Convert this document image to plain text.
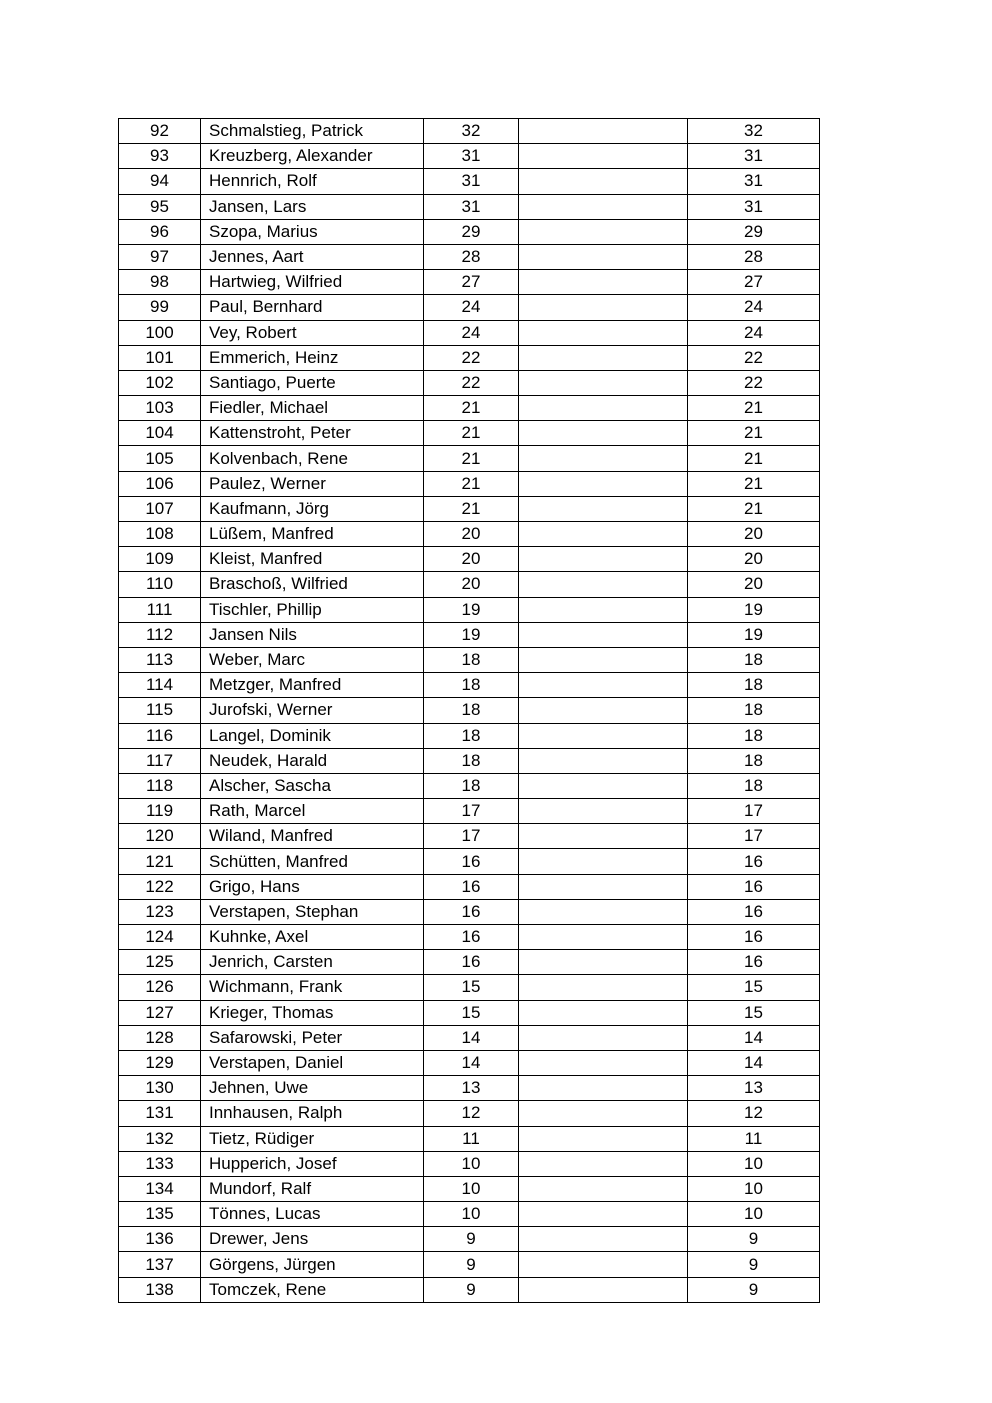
92	Schmalstieg, Patrick	32		32
93	Kreuzberg, Alexander	31		31
94	Hennrich, Rolf	31		31
95	Jansen, Lars	31		31
96	Szopa, Marius	29		29
97	Jennes, Aart	28		28
98	Hartwieg, Wilfried	27		27
99	Paul, Bernhard	24		24
100	Vey, Robert	24		24
101	Emmerich, Heinz	22		22
102	Santiago, Puerte	22		22
103	Fiedler, Michael	21		21
104	Kattenstroht, Peter	21		21
105	Kolvenbach, Rene	21		21
106	Paulez, Werner	21		21
107	Kaufmann, Jörg	21		21
108	Lüßem, Manfred	20		20
109	Kleist, Manfred	20		20
110	Braschoß, Wilfried	20		20
111	Tischler, Phillip	19		19
112	Jansen Nils	19		19
113	Weber, Marc	18		18
114	Metzger, Manfred	18		18
115	Jurofski, Werner	18		18
116	Langel, Dominik	18		18
117	Neudek, Harald	18		18
118	Alscher, Sascha	18		18
119	Rath, Marcel	17		17
120	Wiland, Manfred	17		17
121	Schütten, Manfred	16		16
122	Grigo, Hans	16		16
123	Verstapen, Stephan	16		16
124	Kuhnke, Axel	16		16
125	Jenrich, Carsten	16		16
126	Wichmann, Frank	15		15
127	Krieger, Thomas	15		15
128	Safarowski, Peter	14		14
129	Verstapen, Daniel	14		14
130	Jehnen, Uwe	13		13
131	Innhausen, Ralph	12		12
132	Tietz, Rüdiger	11		11
133	Hupperich, Josef	10		10
134	Mundorf, Ralf	10		10
135	Tönnes, Lucas	10		10
136	Drewer, Jens	9		9
137	Görgens, Jürgen	9		9
138	Tomczek, Rene	9		9
